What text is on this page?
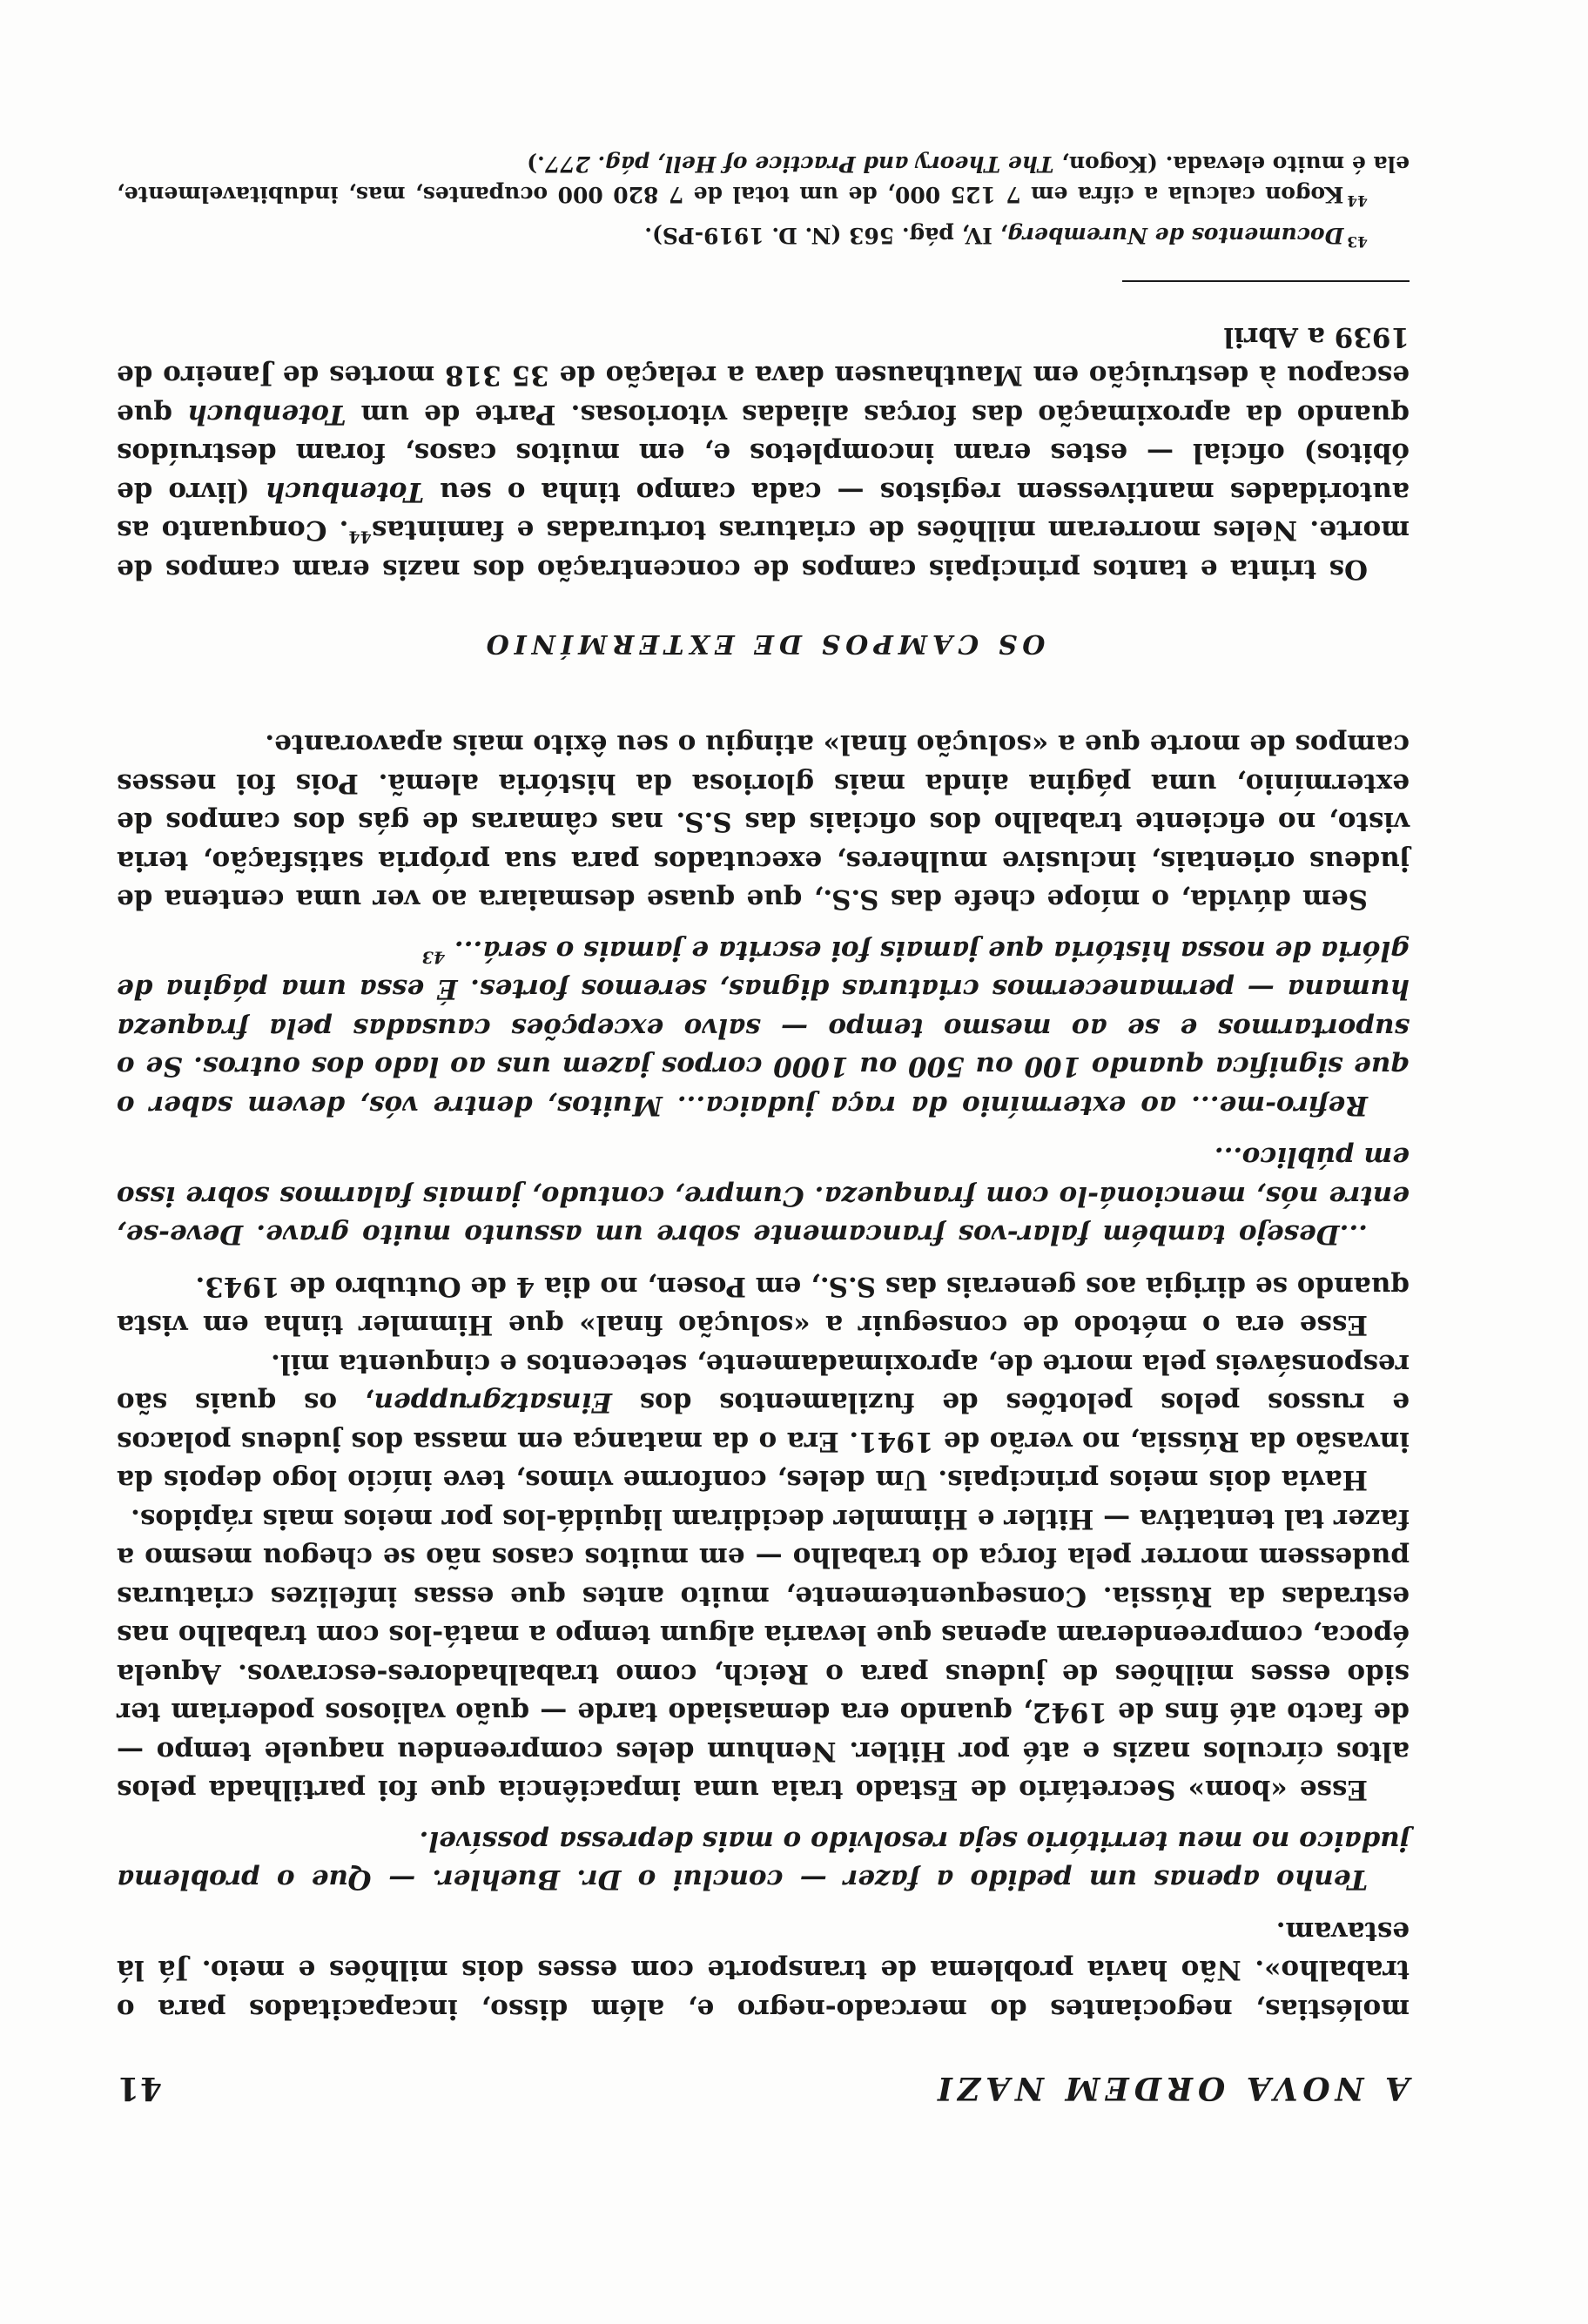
A NOVA ORDEM NAZI
41

moléstias, negociantes do mercado-negro e, além disso, incapacitados para o trabalho». Não havia problema de transporte com esses dois milhões e meio. Já lá estavam.

Tenho apenas um pedido a fazer — conclui o Dr. Buehler. — Que o problema judaico no meu território seja resolvido o mais depressa possível.

Esse «bom» Secretário de Estado traia uma impaciência que foi partilhada pelos altos círculos nazis e até por Hitler. Nenhum deles compreendeu naquele tempo — de facto até fins de 1942, quando era demasiado tarde — quão valiosos poderiam ter sido esses milhões de judeus para o Reich, como trabalhadores-escravos. Aquela época, compreenderam apenas que levaria algum tempo a matá-los com trabalho nas estradas da Rússia. Consequentemente, muito antes que essas infelizes criaturas pudessem morrer pela força do trabalho — em muitos casos não se chegou mesmo a fazer tal tentativa — Hitler e Himmler decidiram liquidá-los por meios mais rápidos.

Havia dois meios principais. Um deles, conforme vimos, teve início logo depois da invasão da Rússia, no verão de 1941. Era o da matança em massa dos judeus polacos e russos pelos pelotões de fuzilamentos dos Einsatzgruppen, os quais são responsáveis pela morte de, aproximadamente, setecentos e cinquenta mil.

Esse era o método de conseguir a «solução final» que Himmler tinha em vista quando se dirigia aos generais das S.S., em Posen, no dia 4 de Outubro de 1943.

...Desejo também falar-vos francamente sobre um assunto muito grave. Deve-se, entre nós, mencioná-lo com franqueza. Cumpre, contudo, jamais falarmos sobre isso em público...

Refiro-me... ao extermínio da raça judaica... Muitos, dentre vós, devem saber o que significa quando 100 ou 500 ou 1000 corpos jazem uns ao lado dos outros. Se o suportarmos e se ao mesmo tempo — salvo excepções causadas pela fraqueza humana — permanecermos criaturas dignas, seremos fortes. É essa uma página de glória de nossa história que jamais foi escrita e jamais o será... $^{43}$

Sem dúvida, o míope chefe das S.S., que quase desmaiara ao ver uma centena de judeus orientais, inclusive mulheres, executados para sua própria satisfação, teria visto, no eficiente trabalho dos oficiais das S.S. nas câmaras de gás dos campos de extermínio, uma página ainda mais gloriosa da história alemã. Pois foi nesses campos de morte que a «solução final» atingiu o seu êxito mais apavorante.

OS CAMPOS DE EXTERMÍNIO

Os trinta e tantos principais campos de concentração dos nazis eram campos de morte. Neles morreram milhões de criaturas torturadas e famintas$^{44}$. Conquanto as autoridades mantivessem registos — cada campo tinha o seu Totenbuch (livro de óbitos) oficial — estes eram incompletos e, em muitos casos, foram destruídos quando da aproximação das forças aliadas vitoriosas. Parte de um Totenbuch que escapou à destruição em Mauthausen dava a relação de 35 318 mortes de Janeiro de 1939 a Abril

$^{43}$Documentos de Nuremberg, IV, pág. 563 (N. D. 1919-PS).

$^{44}$Kogon calcula a cifra em 7 125 000, de um total de 7 820 000 ocupantes, mas, indubitavelmente, ela é muito elevada. (Kogon, The Theory and Practice of Hell, pág. 277.)
